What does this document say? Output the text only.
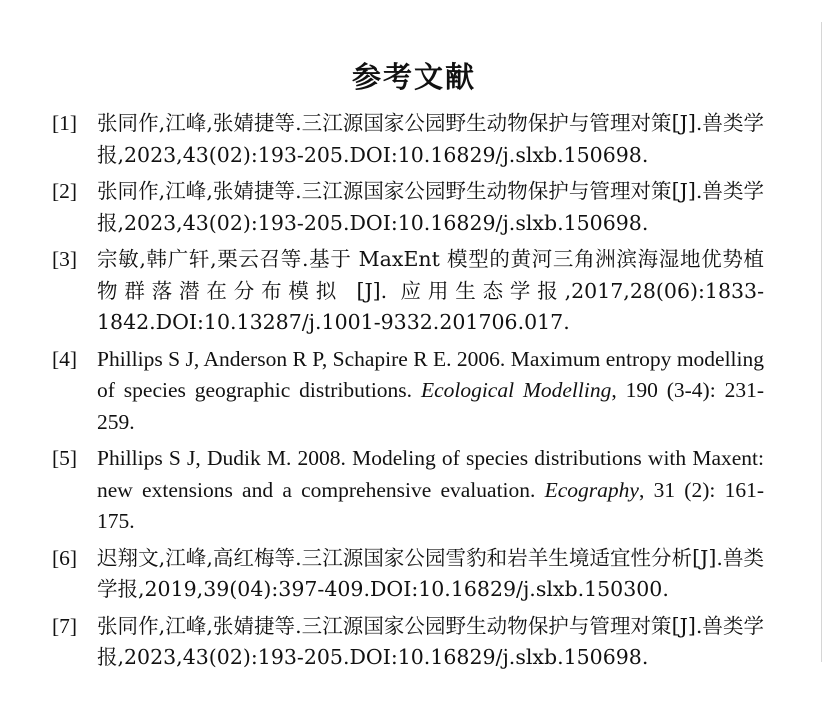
参考文献
[1] 张同作,江峰,张婧捷等.三江源国家公园野生动物保护与管理对策[J].兽类学报,2023,43(02):193-205.DOI:10.16829/j.slxb.150698.
[2] 张同作,江峰,张婧捷等.三江源国家公园野生动物保护与管理对策[J].兽类学报,2023,43(02):193-205.DOI:10.16829/j.slxb.150698.
[3] 宗敏,韩广轩,栗云召等.基于 MaxEnt 模型的黄河三角洲滨海湿地优势植物群落潜在分布模拟 [J]. 应用生态学报,2017,28(06):1833-1842.DOI:10.13287/j.1001-9332.201706.017.
[4] Phillips S J, Anderson R P, Schapire R E. 2006. Maximum entropy modelling of species geographic distributions. Ecological Modelling, 190 (3-4): 231-259.
[5] Phillips S J, Dudik M. 2008. Modeling of species distributions with Maxent: new extensions and a comprehensive evaluation. Ecography, 31 (2): 161-175.
[6] 迟翔文,江峰,高红梅等.三江源国家公园雪豹和岩羊生境适宜性分析[J].兽类学报,2019,39(04):397-409.DOI:10.16829/j.slxb.150300.
[7] 张同作,江峰,张婧捷等.三江源国家公园野生动物保护与管理对策[J].兽类学报,2023,43(02):193-205.DOI:10.16829/j.slxb.150698.
